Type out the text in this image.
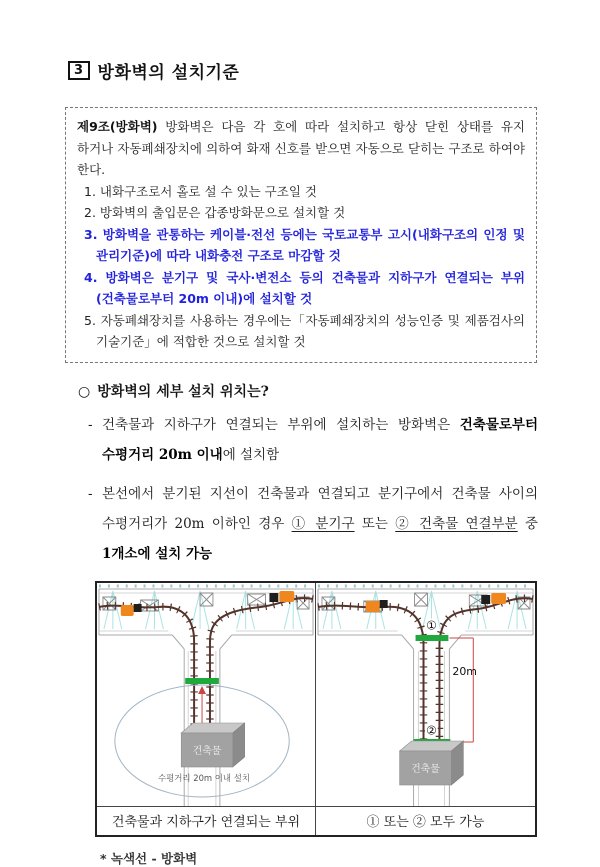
3 방화벽의 설치기준

제9조(방화벽) 방화벽은 다음 각 호에 따라 설치하고 항상 닫힌 상태를 유지 하거나 자동폐쇄장치에 의하여 화재 신호를 받으면 자동으로 닫히는 구조로 하여야 한다.

1. 내화구조로서 홀로 설 수 있는 구조일 것

2. 방화벽의 출입문은 갑종방화문으로 설치할 것

3. 방화벽을 관통하는 케이블·전선 등에는 국토교통부 고시(내화구조의 인정 및 관리기준)에 따라 내화충전 구조로 마감할 것

4. 방화벽은 분기구 및 국사·변전소 등의 건축물과 지하구가 연결되는 부위 (건축물로부터 20m 이내)에 설치할 것

5. 자동폐쇄장치를 사용하는 경우에는「자동폐쇄장치의 성능인증 및 제품검사의 기술기준」에 적합한 것으로 설치할 것

○ 방화벽의 세부 설치 위치는?
- 건축물과 지하구가 연결되는 부위에 설치하는 방화벽은 건축물로부터 수평거리 20m 이내에 설치함
- 본선에서 분기된 지선이 건축물과 연결되고 분기구에서 건축물 사이의 수평거리가 20m 이하인 경우 ① 분기구 또는 ② 건축물 연결부분 중 1개소에 설치 가능
건축물
수평거리 20m 이내 설치
①
20m
②
건축물
건축물과 지하구가 연결되는 부위	① 또는 ② 모두 가능
* 녹색선 - 방화벽
